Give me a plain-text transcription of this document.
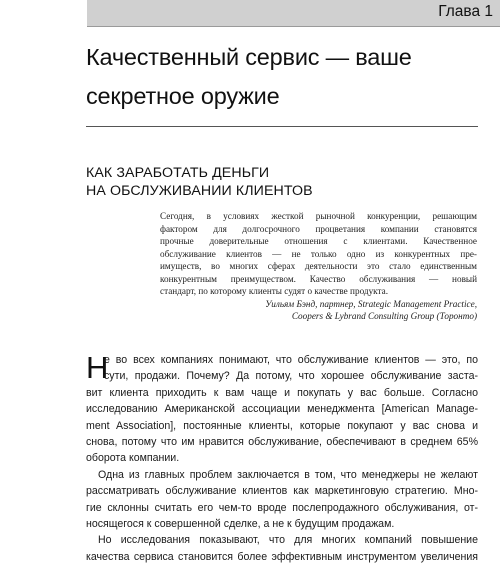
Глава 1
Качественный сервис — ваше
секретное оружие
КАК ЗАРАБОТАТЬ ДЕНЬГИ
НА ОБСЛУЖИВАНИИ КЛИЕНТОВ
Сегодня, в условиях жесткой рыночной конкуренции, решающим
фактором для долгосрочного процветания компании становятся
прочные доверительные отношения с клиентами. Качественное
обслуживание клиентов — не только одно из конкурентных пре-
имуществ, во многих сферах деятельности это стало единственным
конкурентным преимуществом. Качество обслуживания — новый
стандарт, по которому клиенты судят о качестве продукта.
Уильям Бэнд, партнер, Strategic Management Practice,
Coopers & Lybrand Consulting Group (Торонто)
Н
е во всех компаниях понимают, что обслуживание клиентов — это, по
сути, продажи. Почему? Да потому, что хорошее обслуживание заста-
вит клиента приходить к вам чаще и покупать у вас больше. Согласно
исследованию Американской ассоциации менеджмента [American Manage-
ment Association], постоянные клиенты, которые покупают у вас снова и
снова, потому что им нравится обслуживание, обеспечивают в среднем 65%
оборота компании.
Одна из главных проблем заключается в том, что менеджеры не желают
рассматривать обслуживание клиентов как маркетинговую стратегию. Мно-
гие склонны считать его чем-то вроде послепродажного обслуживания, от-
носящегося к совершенной сделке, а не к будущим продажам.
Но исследования показывают, что для многих компаний повышение
качества сервиса становится более эффективным инструментом увеличения
